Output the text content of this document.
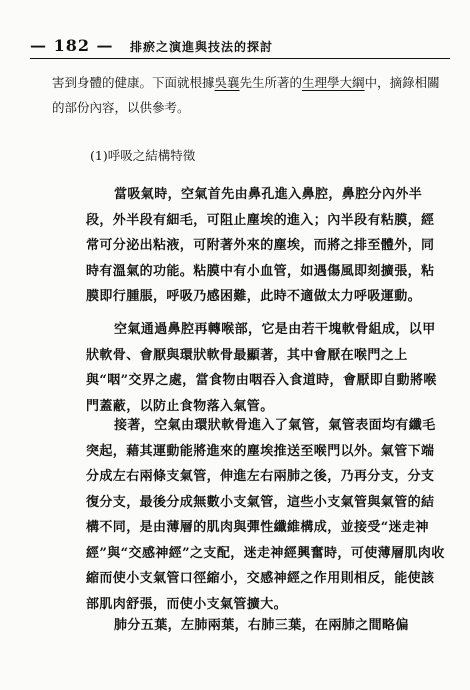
— 182 — 排瘀之演進與技法的探討

害到身體的健康。下面就根據吳襄先生所著的生理學大綱中，摘錄相關的部份內容，以供參考。

(1)呼吸之結構特徵

當吸氣時，空氣首先由鼻孔進入鼻腔，鼻腔分內外半段，外半段有細毛，可阻止塵埃的進入；內半段有粘膜，經常可分泌出粘液，可附著外來的塵埃，而將之排至體外，同時有溫氣的功能。粘膜中有小血管，如遇傷風即刻擴張，粘膜即行腫脹，呼吸乃感困難，此時不適做太力呼吸運動。

空氣通過鼻腔再轉喉部，它是由若干塊軟骨組成，以甲狀軟骨、會厭與環狀軟骨最顯著，其中會厭在喉門之上與“咽”交界之處，當食物由咽吞入食道時，會厭即自動將喉門蓋蔽，以防止食物落入氣管。

接著，空氣由環狀軟骨進入了氣管，氣管表面均有纖毛突起，藉其運動能將進來的塵埃推送至喉門以外。氣管下端分成左右兩條支氣管，伸進左右兩肺之後，乃再分支，分支復分支，最後分成無數小支氣管，這些小支氣管與氣管的結構不同，是由薄層的肌肉與彈性纖維構成，並接受“迷走神經”與“交感神經”之支配，迷走神經興奮時，可使薄層肌肉收縮而使小支氣管口徑縮小，交感神經之作用則相反，能使該部肌肉舒張，而使小支氣管擴大。

肺分五葉，左肺兩葉，右肺三葉，在兩肺之間略偏
